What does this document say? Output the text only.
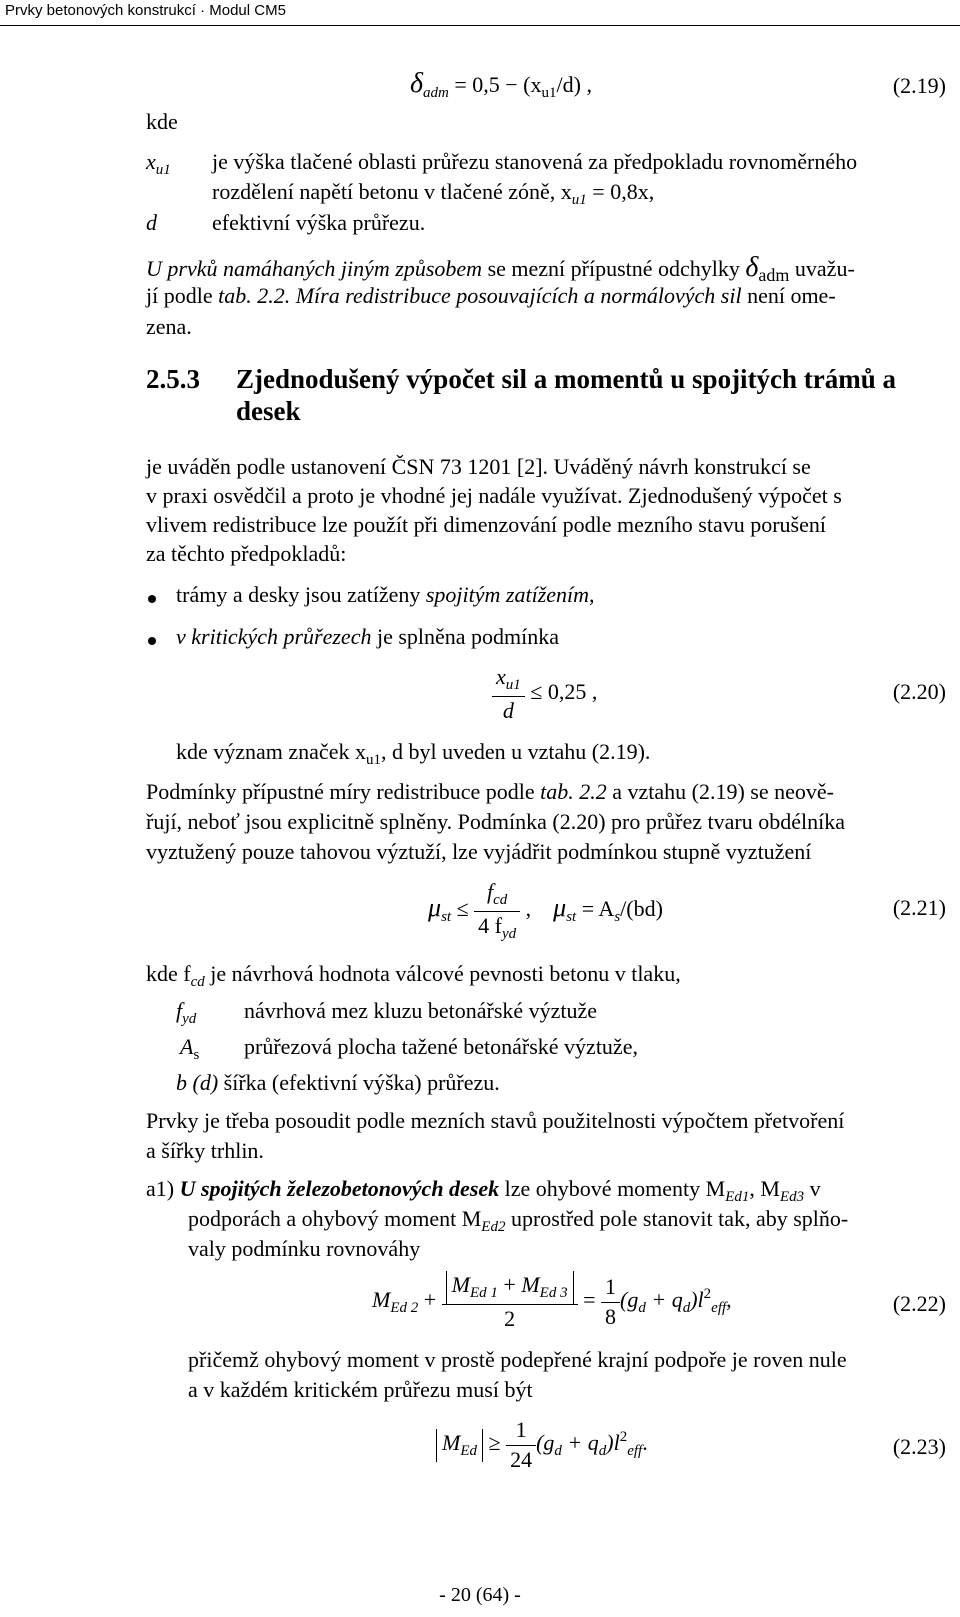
Prvky betonových konstrukcí · Modul CM5
$\delta_{adm} = 0,5 - (x_{u1}/d)$ ,	(2.19)
kde
$x_{u1}$ je výška tlačené oblasti průřezu stanovená za předpokladu rovnoměrného
rozdělení napětí betonu v tlačené zóně, $x_{u1} = 0,8x$,
d	efektivní výška průřezu.
U prvků namáhaných jiným způsobem se mezní přípustné odchylky $\delta_{adm}$ uvažu-
jí podle tab. 2.2. Míra redistribuce posouvajících a normálových sil není ome-
zena.
2.5.3 Zjednodušený výpočet sil a momentů u spojitých trámů a
desek
je uváděn podle ustanovení ČSN 73 1201 [2]. Uváděný návrh konstrukcí se
v praxi osvědčil a proto je vhodné jej nadále využívat. Zjednodušený výpočet s
vlivem redistribuce lze použít při dimenzování podle mezního stavu porušení
za těchto předpokladů:
trámy a desky jsou zatíženy spojitým zatížením,
v kritických průřezech je splněna podmínka
$\frac{x_{u1}}{d} \le 0,25$ ,	(2.20)
kde význam značek $x_{u1}$, d byl uveden u vztahu (2.19).
Podmínky přípustné míry redistribuce podle tab. 2.2 a vztahu (2.19) se neově-
řují, neboť jsou explicitně splněny. Podmínka (2.20) pro průřez tvaru obdélníka
vyztužený pouze tahovou výztuží, lze vyjádřit podmínkou stupně vyztužení
$\mu_{st} \le \frac{f_{cd}}{4 f_{yd}}$ , $\mu_{st} = A_s/(bd)$	(2.21)
kde $f_{cd}$ je návrhová hodnota válcové pevnosti betonu v tlaku,
$f_{yd}$ návrhová mez kluzu betonářské výztuže
$A_s$ průřezová plocha tažené betonářské výztuže,
b (d) šířka (efektivní výška) průřezu.
Prvky je třeba posoudit podle mezních stavů použitelnosti výpočtem přetvoření
a šířky trhlin.
a1) U spojitých železobetonových desek lze ohybové momenty $M_{Ed1}$, $M_{Ed3}$ v
podporách a ohybový moment $M_{Ed2}$ uprostřed pole stanovit tak, aby splňo-
valy podmínku rovnováhy
$M_{Ed 2} + \frac{M_{Ed 1} + M_{Ed 3}}{2} = \frac{1}{8} (g_d + q_d)l^2_{eff}$,	(2.22)
přičemž ohybový moment v prostě podepřené krajní podpoře je roven nule
a v každém kritickém průřezu musí být
$M_{Ed} \ge \frac{1}{24} (g_d + q_d)l^2_{eff}$.	(2.23)
- 20 (64) -
